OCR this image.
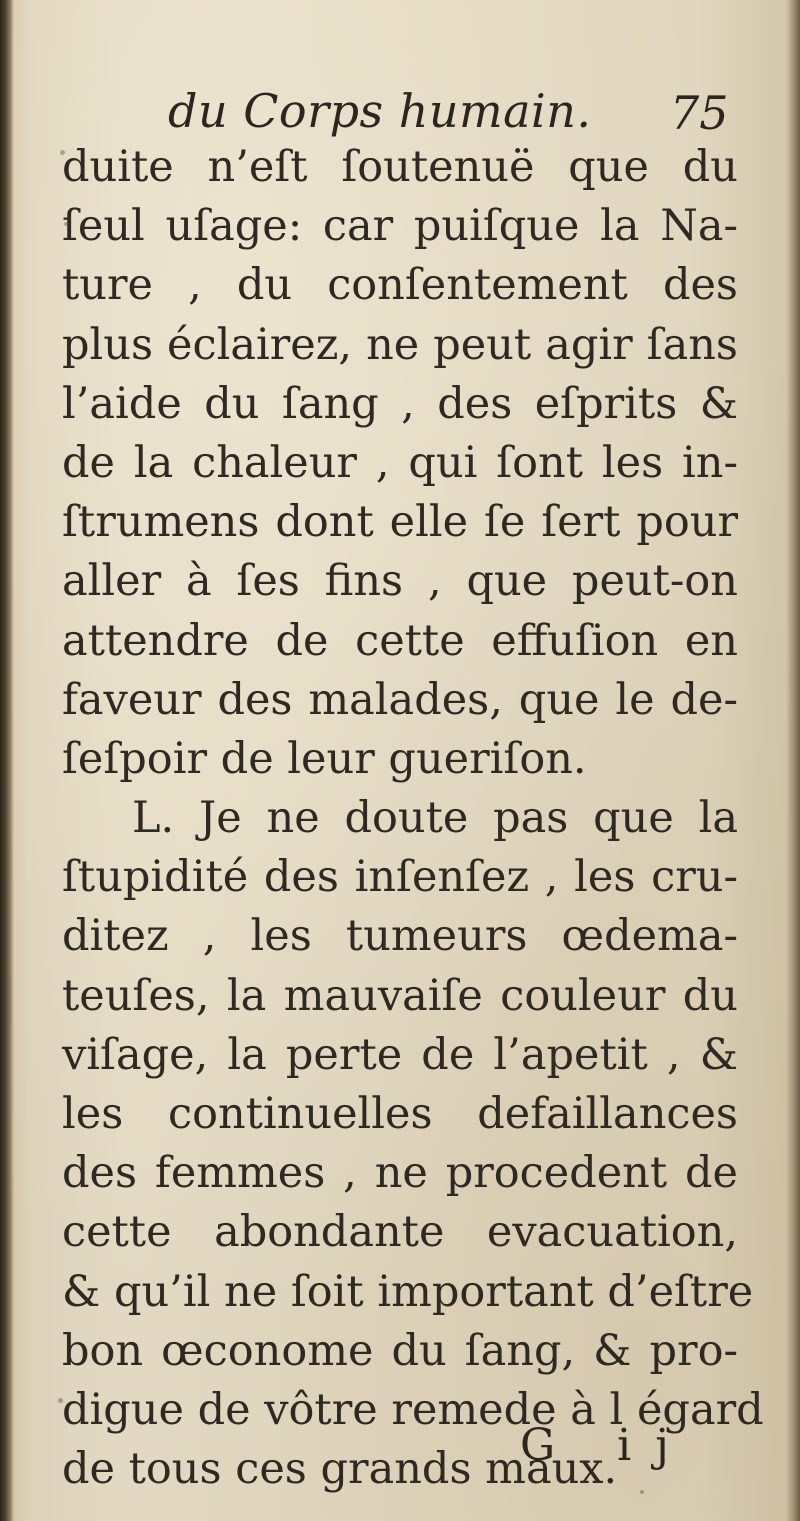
du Corps humain. 75
duite n’eſt ſoutenuë que du
ſeul uſage: car puiſque la Na-
ture , du conſentement des
plus éclairez, ne peut agir ſans
l’aide du ſang , des eſprits &
de la chaleur , qui ſont les in-
ſtrumens dont elle ſe ſert pour
aller à ſes fins , que peut-on
attendre de cette effuſion en
faveur des malades, que le de-
ſeſpoir de leur gueriſon.
L. Je ne doute pas que la
ſtupidité des inſenſez , les cru-
ditez , les tumeurs œdema-
teuſes, la mauvaiſe couleur du
viſage, la perte de l’apetit , &
les continuelles defaillances
des femmes , ne procedent de
cette abondante evacuation,
& qu’il ne ſoit important d’eſtre
bon œconome du ſang, & pro-
digue de vôtre remede à l égard
de tous ces grands maux.
G ij
